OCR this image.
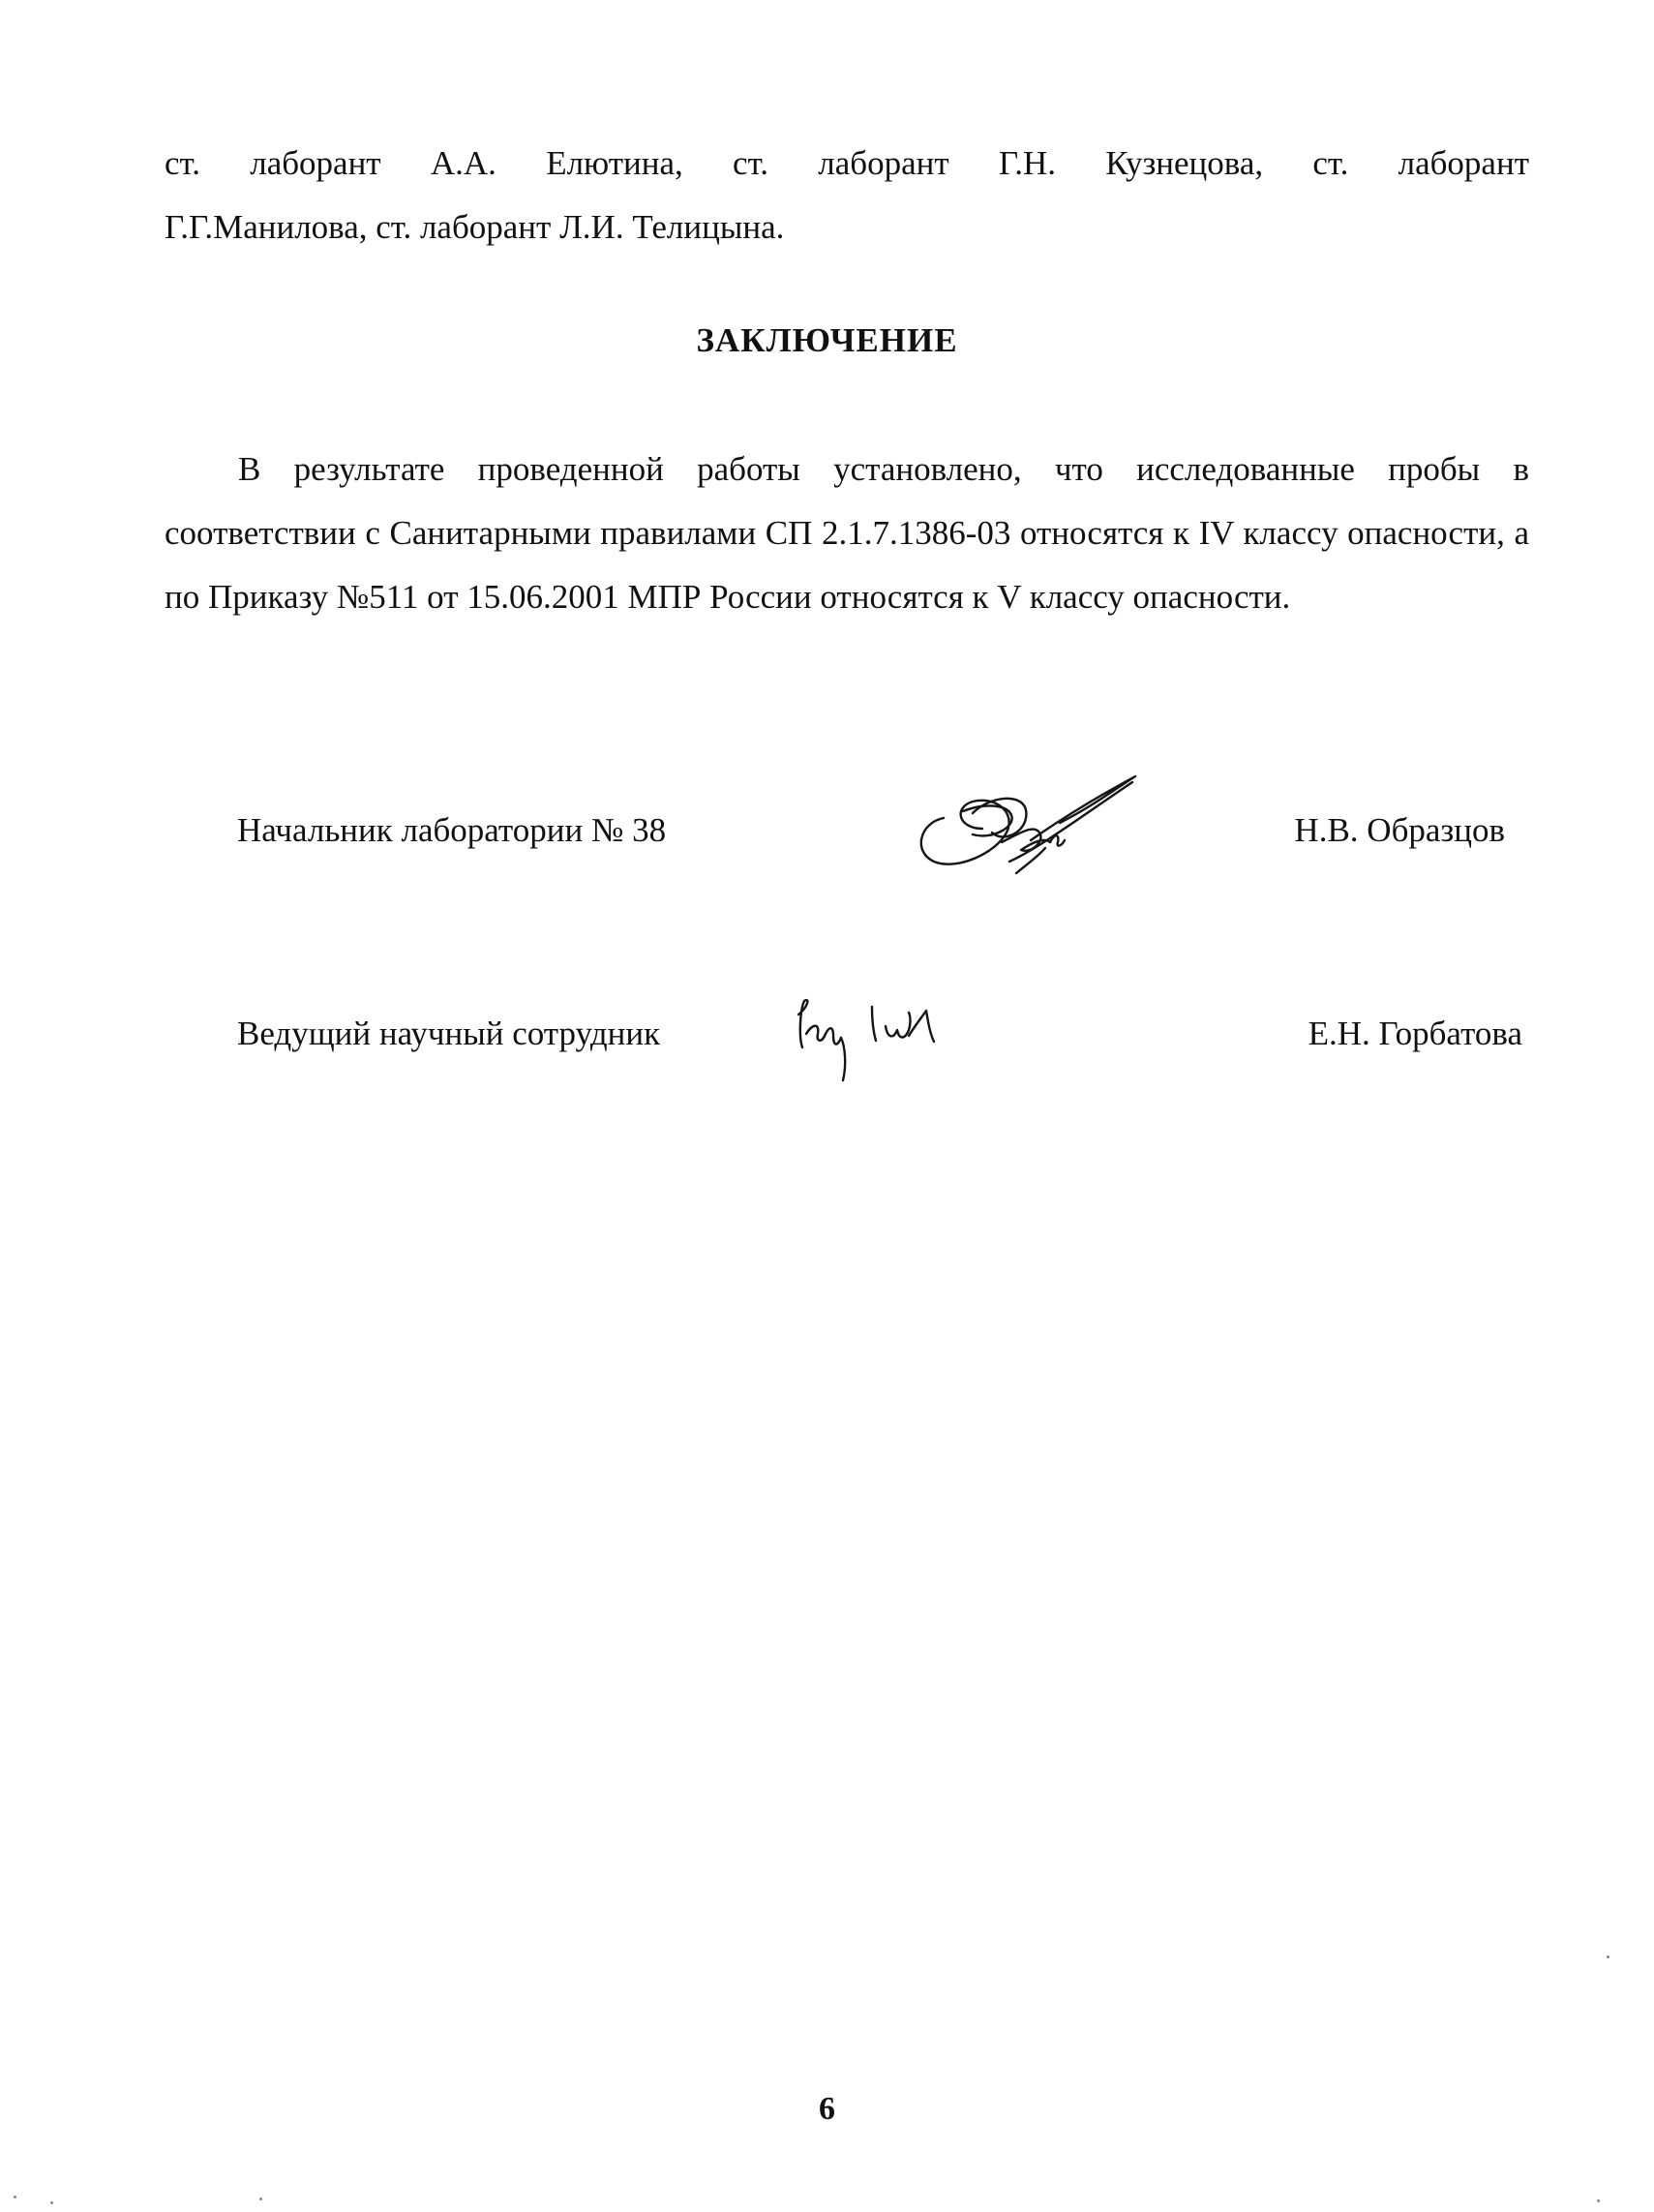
ст. лаборант А.А. Елютина, ст. лаборант Г.Н. Кузнецова, ст. лаборант
Г.Г.Манилова, ст. лаборант Л.И. Телицына.
ЗАКЛЮЧЕНИЕ
В результате проведенной работы установлено, что исследованные пробы в соответствии с Санитарными правилами СП 2.1.7.1386-03 относятся к IV классу опасности, а по Приказу №511 от 15.06.2001 МПР России относятся к V классу опасности.
Начальник лаборатории № 38	Н.В. Образцов
Ведущий научный сотрудник	Е.Н. Горбатова
6
